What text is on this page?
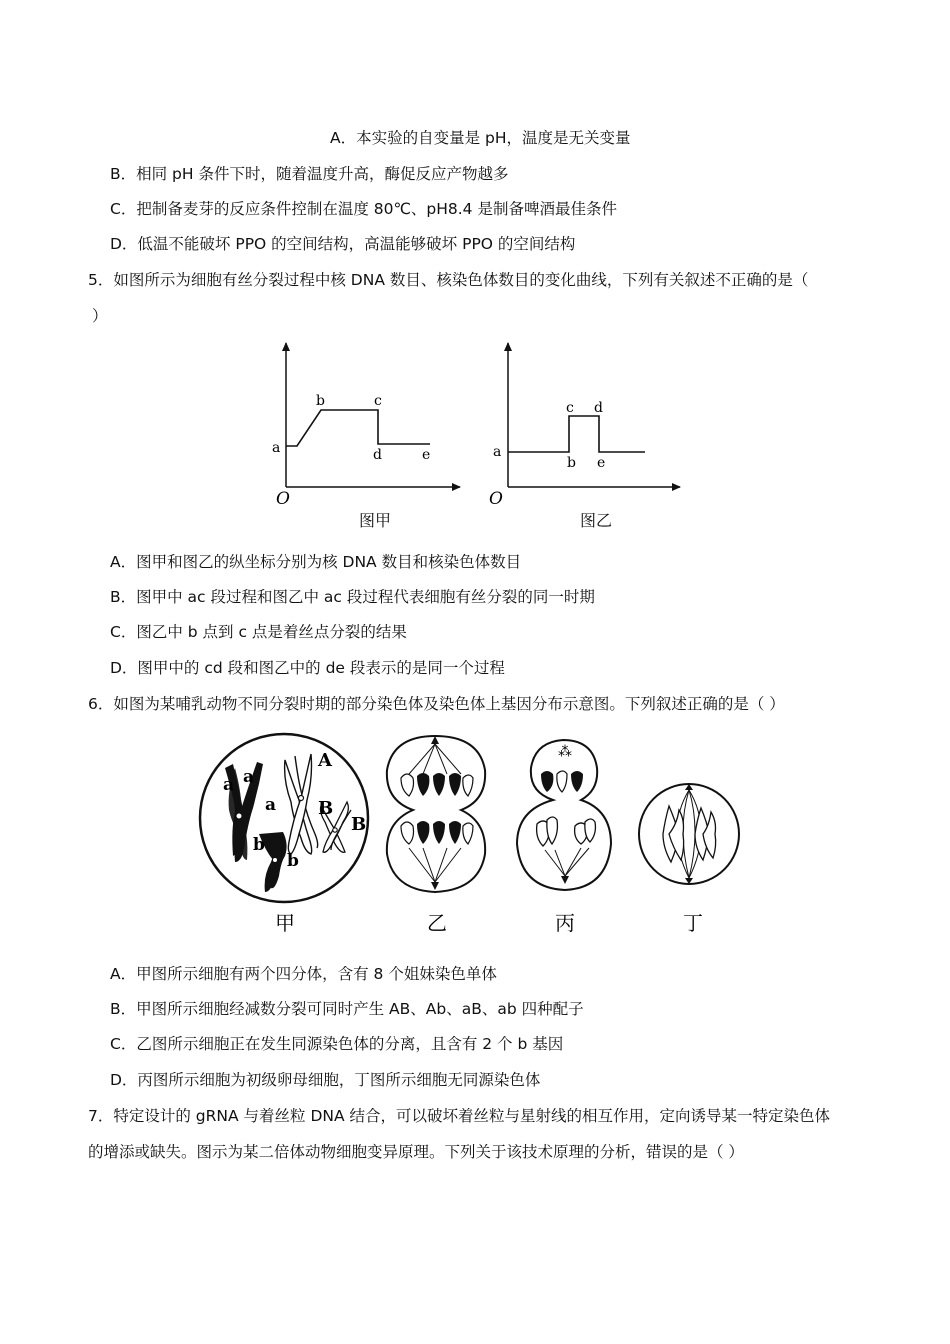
A．本实验的自变量是 pH，温度是无关变量
B．相同 pH 条件下时，随着温度升高，酶促反应产物越多
C．把制备麦芽的反应条件控制在温度 80℃、pH8.4 是制备啤酒最佳条件
D．低温不能破坏 PPO 的空间结构，高温能够破坏 PPO 的空间结构
5．如图所示为细胞有丝分裂过程中核 DNA 数目、核染色体数目的变化曲线，下列有关叙述不正确的是（
）
O
a
b	c
d	e
O
a
b
c d
e
图甲	图乙
A．图甲和图乙的纵坐标分别为核 DNA 数目和核染色体数目
B．图甲中 ac 段过程和图乙中 ac 段过程代表细胞有丝分裂的同一时期
C．图乙中 b 点到 c 点是着丝点分裂的结果
D．图甲中的 cd 段和图乙中的 de 段表示的是同一个过程
6．如图为某哺乳动物不同分裂时期的部分染色体及染色体上基因分布示意图。下列叙述正确的是（ ）
a a
A
a B
B
b
b
⁂
甲	乙	丙	丁
A．甲图所示细胞有两个四分体，含有 8 个姐妹染色单体
B．甲图所示细胞经减数分裂可同时产生 AB、Ab、aB、ab 四种配子
C．乙图所示细胞正在发生同源染色体的分离，且含有 2 个 b 基因
D．丙图所示细胞为初级卵母细胞，丁图所示细胞无同源染色体
7．特定设计的 gRNA 与着丝粒 DNA 结合，可以破坏着丝粒与星射线的相互作用，定向诱导某一特定染色体
的增添或缺失。图示为某二倍体动物细胞变异原理。下列关于该技术原理的分析，错误的是（ ）
